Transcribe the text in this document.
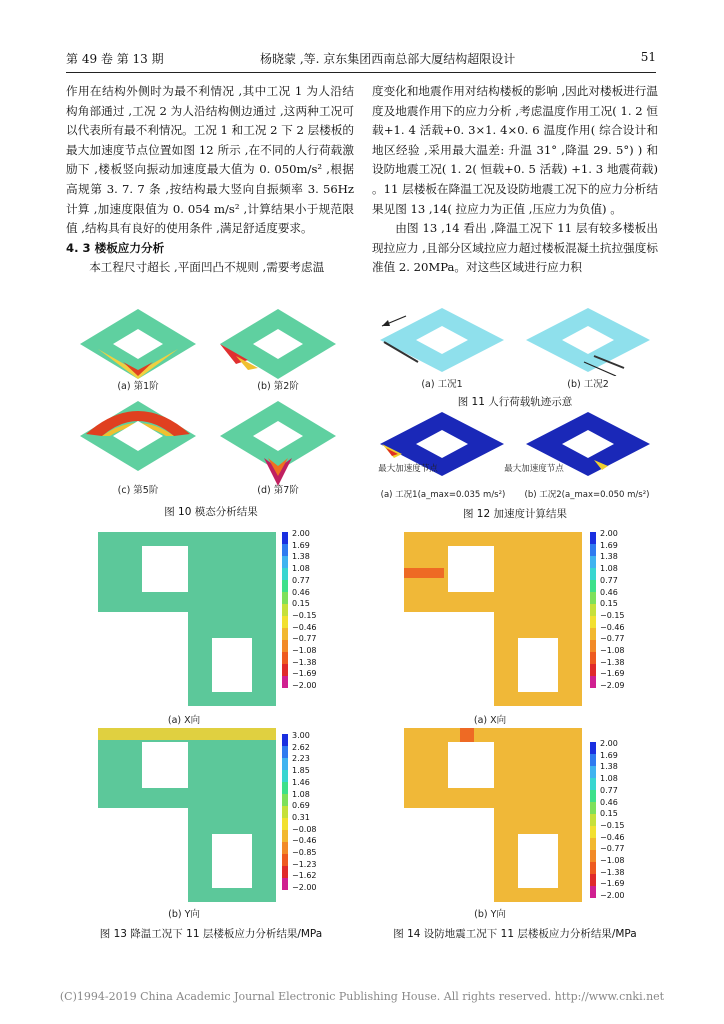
第 49 卷 第 13 期	杨晓蒙 ,等. 京东集团西南总部大厦结构超限设计	51

作用在结构外侧时为最不利情况 ,其中工况 1 为人沿结构角部通过 ,工况 2 为人沿结构侧边通过 ,这两种工况可以代表所有最不利情况。工况 1 和工况 2 下 2 层楼板的最大加速度节点位置如图 12 所示 ,在不同的人行荷载激励下 ,楼板竖向振动加速度最大值为 0. 050m/s² ,根据高规第 3. 7. 7 条 ,按结构最大竖向自振频率 3. 56Hz 计算 ,加速度限值为 0. 054 m/s² ,计算结果小于规范限值 ,结构具有良好的使用条件 ,满足舒适度要求。

4. 3 楼板应力分析

本工程尺寸超长 ,平面凹凸不规则 ,需要考虑温

度变化和地震作用对结构楼板的影响 ,因此对楼板进行温度及地震作用下的应力分析 ,考虑温度作用工况( 1. 2 恒载+1. 4 活载+0. 3×1. 4×0. 6 温度作用( 综合设计和地区经验 ,采用最大温差: 升温 31° ,降温 29. 5°) ) 和设防地震工况( 1. 2( 恒载+0. 5 活载) +1. 3 地震荷载) 。11 层楼板在降温工况及设防地震工况下的应力分析结果见图 13 ,14( 拉应力为正值 ,压应力为负值) 。

由图 13 ,14 看出 ,降温工况下 11 层有较多楼板出现拉应力 ,且部分区域拉应力超过楼板混凝土抗拉强度标准值 2. 20MPa。对这些区域进行应力积

(a) 第1阶	(b) 第2阶
(c) 第5阶	(d) 第7阶
图 10 模态分析结果
(a) 工况1	(b) 工况2
图 11 人行荷载轨迹示意
最大加速度节点	最大加速度节点
(a) 工况1(a_max=0.035 m/s²)	(b) 工况2(a_max=0.050 m/s²)
图 12 加速度计算结果
(a) X向
2.00
1.69
1.38
1.08
0.77
0.46
0.15
−0.15
−0.46
−0.77
−1.08
−1.38
−1.69
−2.00
3.00
2.62
2.23
1.85
1.46
1.08
0.69
0.31
−0.08
−0.46
−0.85
−1.23
−1.62
−2.00
(b) Y向
图 13 降温工况下 11 层楼板应力分析结果/MPa
(a) X向
2.00
1.69
1.38
1.08
0.77
0.46
0.15
−0.15
−0.46
−0.77
−1.08
−1.38
−1.69
−2.09
2.00
1.69
1.38
1.08
0.77
0.46
0.15
−0.15
−0.46
−0.77
−1.08
−1.38
−1.69
−2.00
(b) Y向
图 14 设防地震工况下 11 层楼板应力分析结果/MPa
(C)1994-2019 China Academic Journal Electronic Publishing House. All rights reserved. http://www.cnki.net
